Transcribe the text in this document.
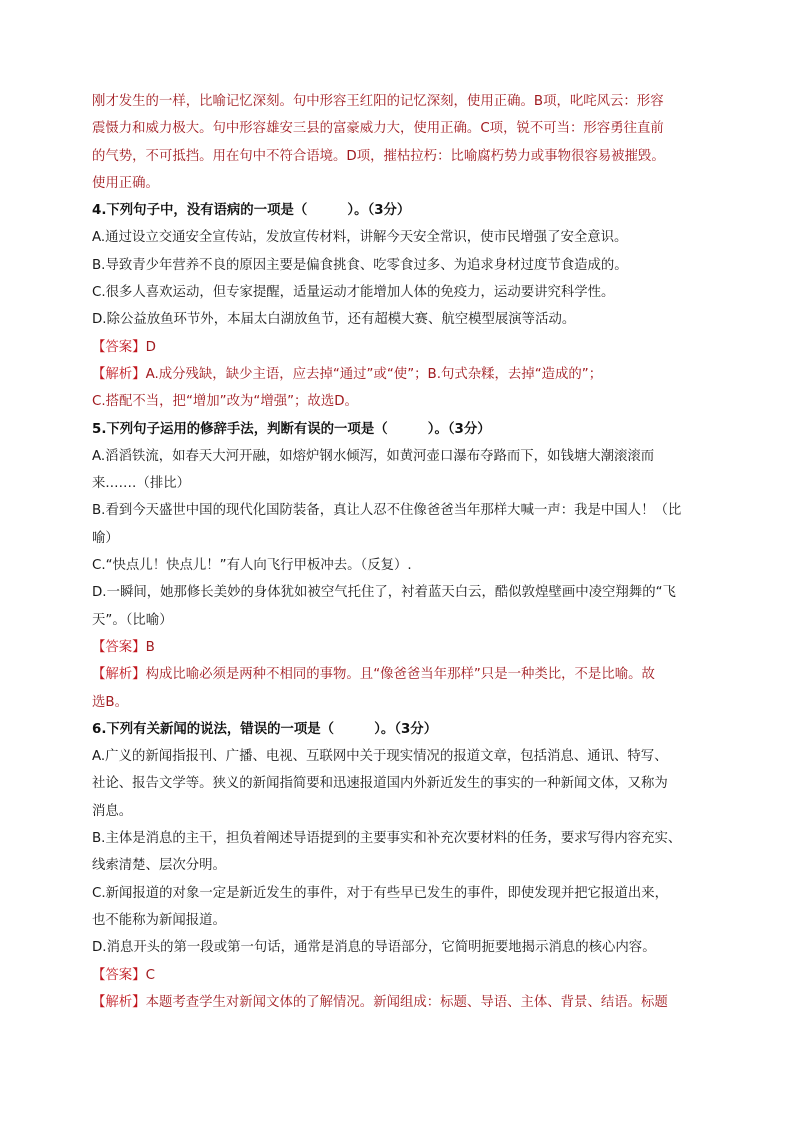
刚才发生的一样，比喻记忆深刻。句中形容王红阳的记忆深刻，使用正确。B项，叱咤风云：形容
震慑力和威力极大。句中形容雄安三县的富豪威力大，使用正确。C项，锐不可当：形容勇往直前
的气势，不可抵挡。用在句中不符合语境。D项，摧枯拉朽：比喻腐朽势力或事物很容易被摧毁。
使用正确。
4.下列句子中，没有语病的一项是（　　　）。（3分）
A.通过设立交通安全宣传站，发放宣传材料，讲解今天安全常识，使市民增强了安全意识。
B.导致青少年营养不良的原因主要是偏食挑食、吃零食过多、为追求身材过度节食造成的。
C.很多人喜欢运动，但专家提醒，适量运动才能增加人体的免疫力，运动要讲究科学性。
D.除公益放鱼环节外，本届太白湖放鱼节，还有超模大赛、航空模型展演等活动。
【答案】D
【解析】A.成分残缺，缺少主语，应去掉“通过”或“使”；B.句式杂糅，去掉“造成的”；
C.搭配不当，把“增加”改为“增强”；故选D。
5.下列句子运用的修辞手法，判断有误的一项是（　　　）。（3分）
A.滔滔铁流，如春天大河开融，如熔炉钢水倾泻，如黄河壶口瀑布夺路而下，如钱塘大潮滚滚而
来.……（排比）
B.看到今天盛世中国的现代化国防装备，真让人忍不住像爸爸当年那样大喊一声：我是中国人！（比
喻）
C.“快点儿！快点儿！”有人向飞行甲板冲去。（反复）.
D.一瞬间，她那修长美妙的身体犹如被空气托住了，衬着蓝天白云，酷似敦煌壁画中凌空翔舞的“飞
天”。（比喻）
【答案】B
【解析】构成比喻必须是两种不相同的事物。且“像爸爸当年那样”只是一种类比，不是比喻。故
选B。
6.下列有关新闻的说法，错误的一项是（　　　）。（3分）
A.广义的新闻指报刊、广播、电视、互联网中关于现实情况的报道文章，包括消息、通讯、特写、
社论、报告文学等。狭义的新闻指简要和迅速报道国内外新近发生的事实的一种新闻文体，又称为
消息。
B.主体是消息的主干，担负着阐述导语提到的主要事实和补充次要材料的任务，要求写得内容充实、
线索清楚、层次分明。
C.新闻报道的对象一定是新近发生的事件，对于有些早已发生的事件，即使发现并把它报道出来，
也不能称为新闻报道。
D.消息开头的第一段或第一句话，通常是消息的导语部分，它简明扼要地揭示消息的核心内容。
【答案】C
【解析】本题考查学生对新闻文体的了解情况。新闻组成：标题、导语、主体、背景、结语。标题
